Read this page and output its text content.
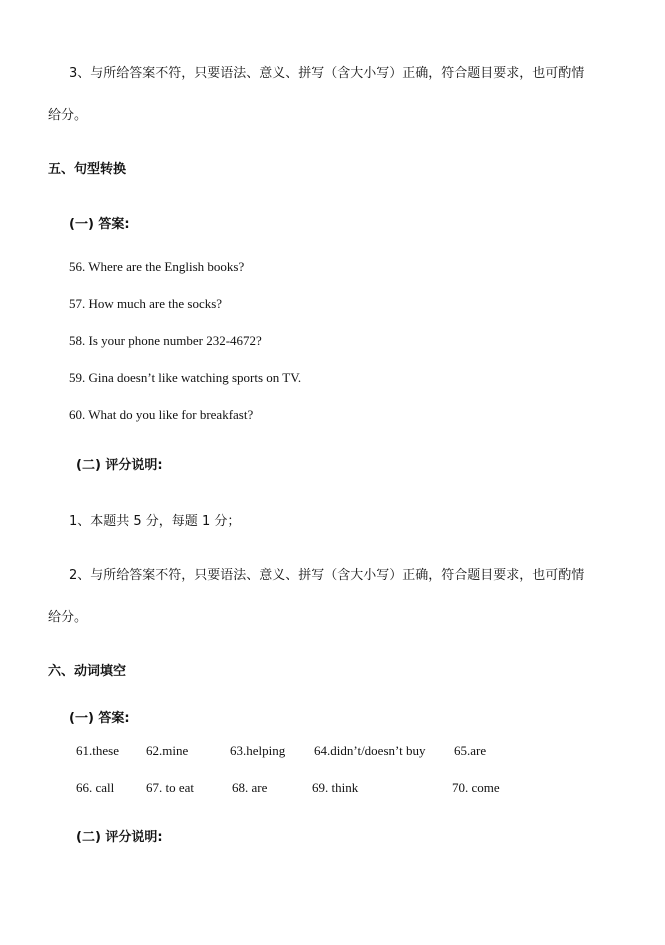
3、与所给答案不符，只要语法、意义、拼写（含大小写）正确，符合题目要求，也可酌情
给分。
五、句型转换
(一) 答案:
56. Where are the English books?
57. How much are the socks?
58. Is your phone number 232-4672?
59. Gina doesn’t like watching sports on TV.
60. What do you like for breakfast?
(二) 评分说明:
1、本题共 5 分，每题 1 分；
2、与所给答案不符，只要语法、意义、拼写（含大小写）正确，符合题目要求，也可酌情
给分。
六、动词填空
(一) 答案:
61.these 62.mine	63.helping 64.didn’t/doesn’t buy 65.are
66. call 67. to eat	68. are	69. think	70. come
(二) 评分说明:
